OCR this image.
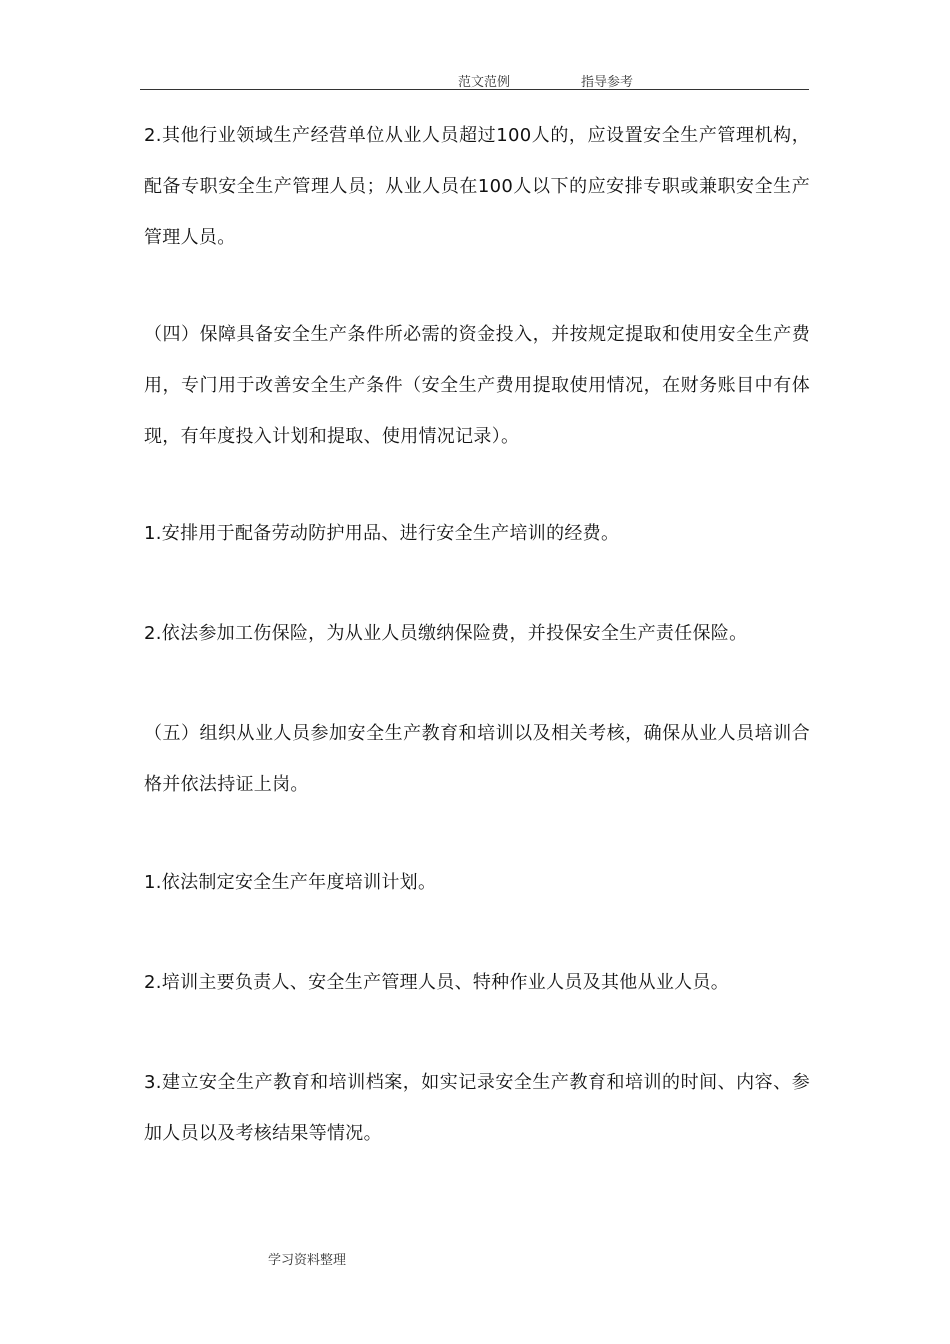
范文范例	指导参考

2.其他行业领域生产经营单位从业人员超过100人的，应设置安全生产管理机构，配备专职安全生产管理人员；从业人员在100人以下的应安排专职或兼职安全生产管理人员。

（四）保障具备安全生产条件所必需的资金投入，并按规定提取和使用安全生产费用，专门用于改善安全生产条件（安全生产费用提取使用情况，在财务账目中有体现，有年度投入计划和提取、使用情况记录）。

1.安排用于配备劳动防护用品、进行安全生产培训的经费。

2.依法参加工伤保险，为从业人员缴纳保险费，并投保安全生产责任保险。

（五）组织从业人员参加安全生产教育和培训以及相关考核，确保从业人员培训合格并依法持证上岗。

1.依法制定安全生产年度培训计划。

2.培训主要负责人、安全生产管理人员、特种作业人员及其他从业人员。

3.建立安全生产教育和培训档案，如实记录安全生产教育和培训的时间、内容、参加人员以及考核结果等情况。

学习资料整理
